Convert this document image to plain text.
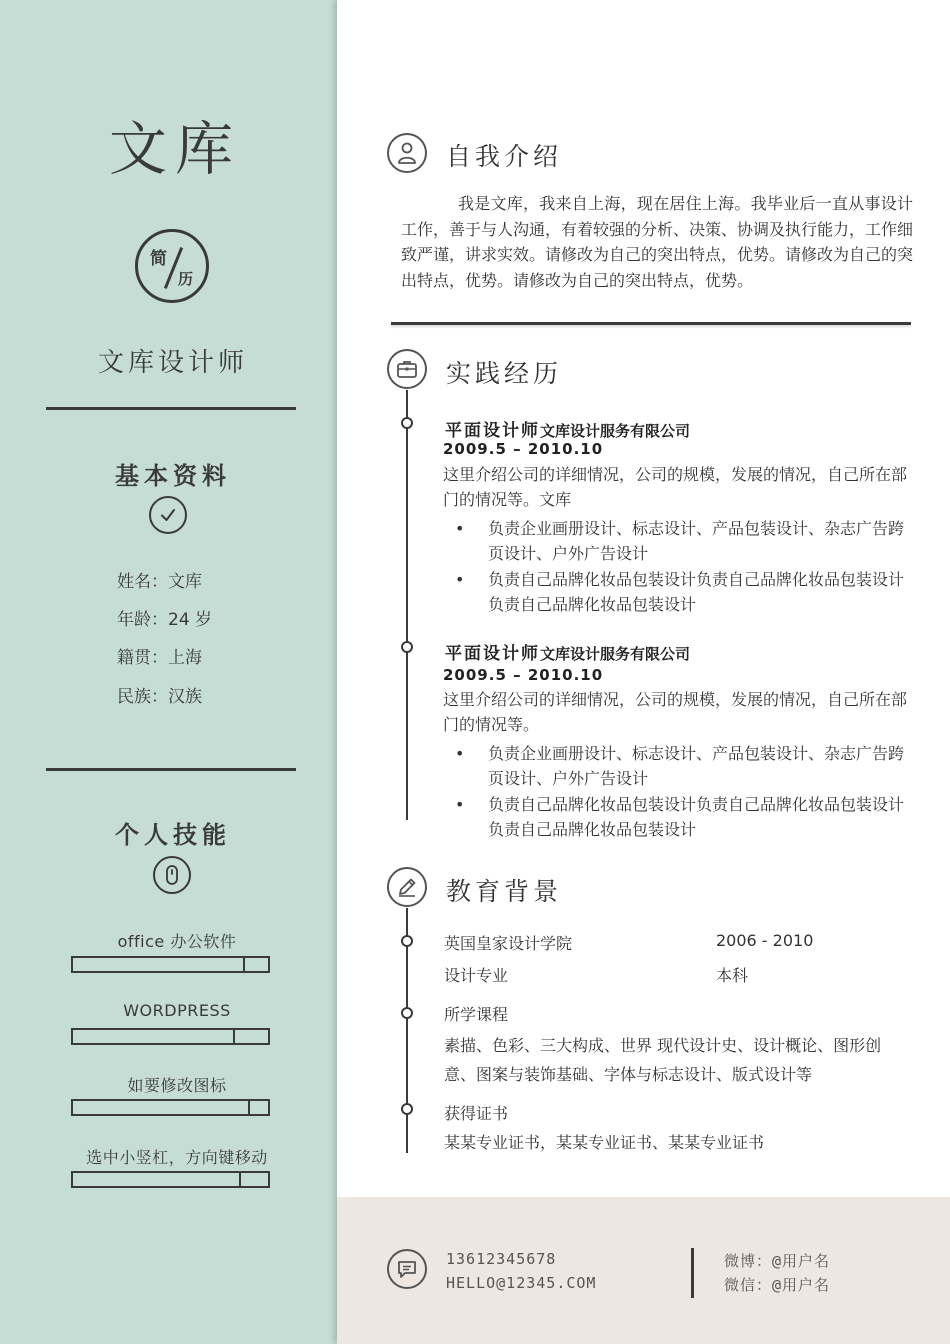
文库
简
历
文库设计师
基本资料
姓名：文库
年龄：24 岁
籍贯：上海
民族：汉族
个人技能
office 办公软件
WORDPRESS
如要修改图标
选中小竖杠，方向键移动
自我介绍
我是文库，我来自上海，现在居住上海。我毕业后一直从事设计工作，善于与人沟通，有着较强的分析、决策、协调及执行能力，工作细致严谨，讲求实效。请修改为自己的突出特点，优势。请修改为自己的突出特点，优势。请修改为自己的突出特点，优势。
实践经历
平面设计师文库设计服务有限公司
2009.5 – 2010.10
这里介绍公司的详细情况，公司的规模，发展的情况，自己所在部门的情况等。文库
• 负责企业画册设计、标志设计、产品包装设计、杂志广告跨页设计、户外广告设计
• 负责自己品牌化妆品包装设计负责自己品牌化妆品包装设计负责自己品牌化妆品包装设计
平面设计师文库设计服务有限公司
2009.5 – 2010.10
这里介绍公司的详细情况，公司的规模，发展的情况，自己所在部门的情况等。
• 负责企业画册设计、标志设计、产品包装设计、杂志广告跨页设计、户外广告设计
• 负责自己品牌化妆品包装设计负责自己品牌化妆品包装设计负责自己品牌化妆品包装设计
教育背景
英国皇家设计学院	2006 - 2010
设计专业	本科
所学课程
素描、色彩、三大构成、世界 现代设计史、设计概论、图形创意、图案与装饰基础、字体与标志设计、版式设计等
获得证书
某某专业证书，某某专业证书、某某专业证书
13612345678
HELLO@12345.COM
微博：@用户名
微信：@用户名
